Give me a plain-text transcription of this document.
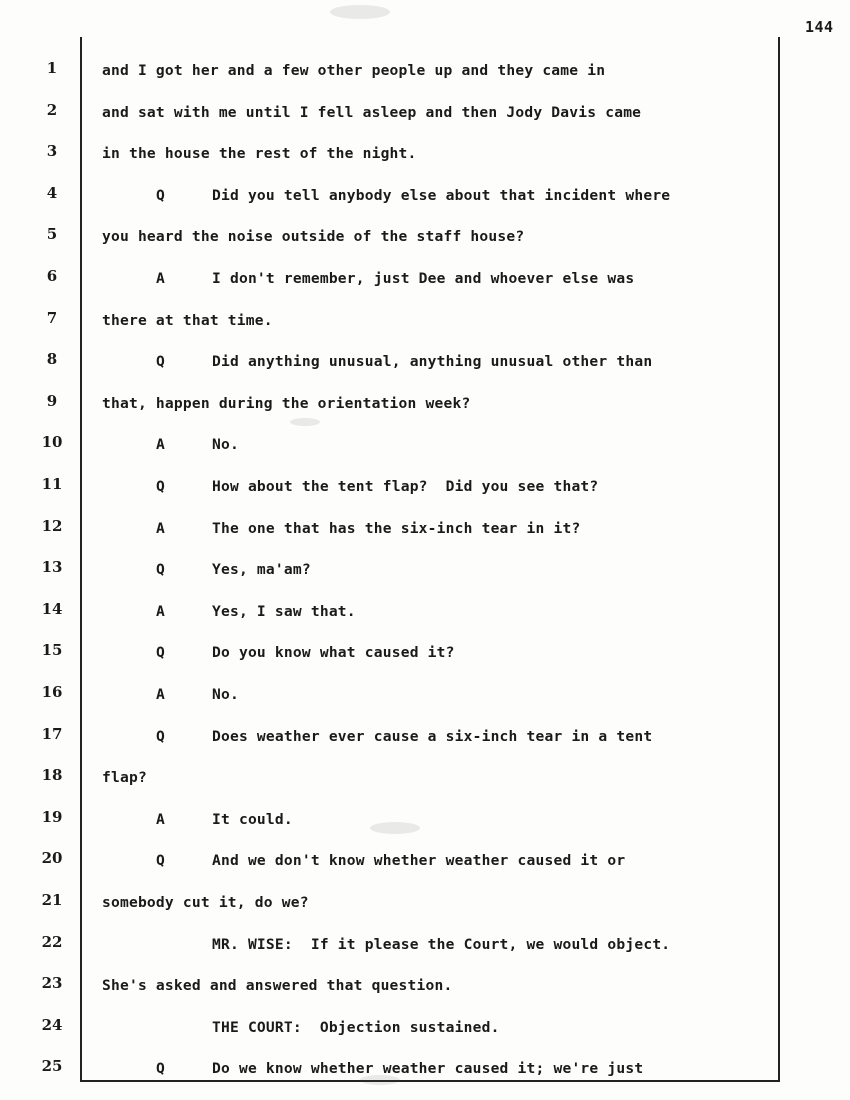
144
1	and I got her and a few other people up and they came in
2	and sat with me until I fell asleep and then Jody Davis came
3	in the house the rest of the night.
4	Q	Did you tell anybody else about that incident where
5	you heard the noise outside of the staff house?
6	A	I don't remember, just Dee and whoever else was
7	there at that time.
8	Q	Did anything unusual, anything unusual other than
9	that, happen during the orientation week?
10	A	No.
11	Q	How about the tent flap?  Did you see that?
12	A	The one that has the six-inch tear in it?
13	Q	Yes, ma'am?
14	A	Yes, I saw that.
15	Q	Do you know what caused it?
16	A	No.
17	Q	Does weather ever cause a six-inch tear in a tent
18	flap?
19	A	It could.
20	Q	And we don't know whether weather caused it or
21	somebody cut it, do we?
22	MR. WISE:  If it please the Court, we would object.
23	She's asked and answered that question.
24	THE COURT:  Objection sustained.
25	Q	Do we know whether weather caused it; we're just
